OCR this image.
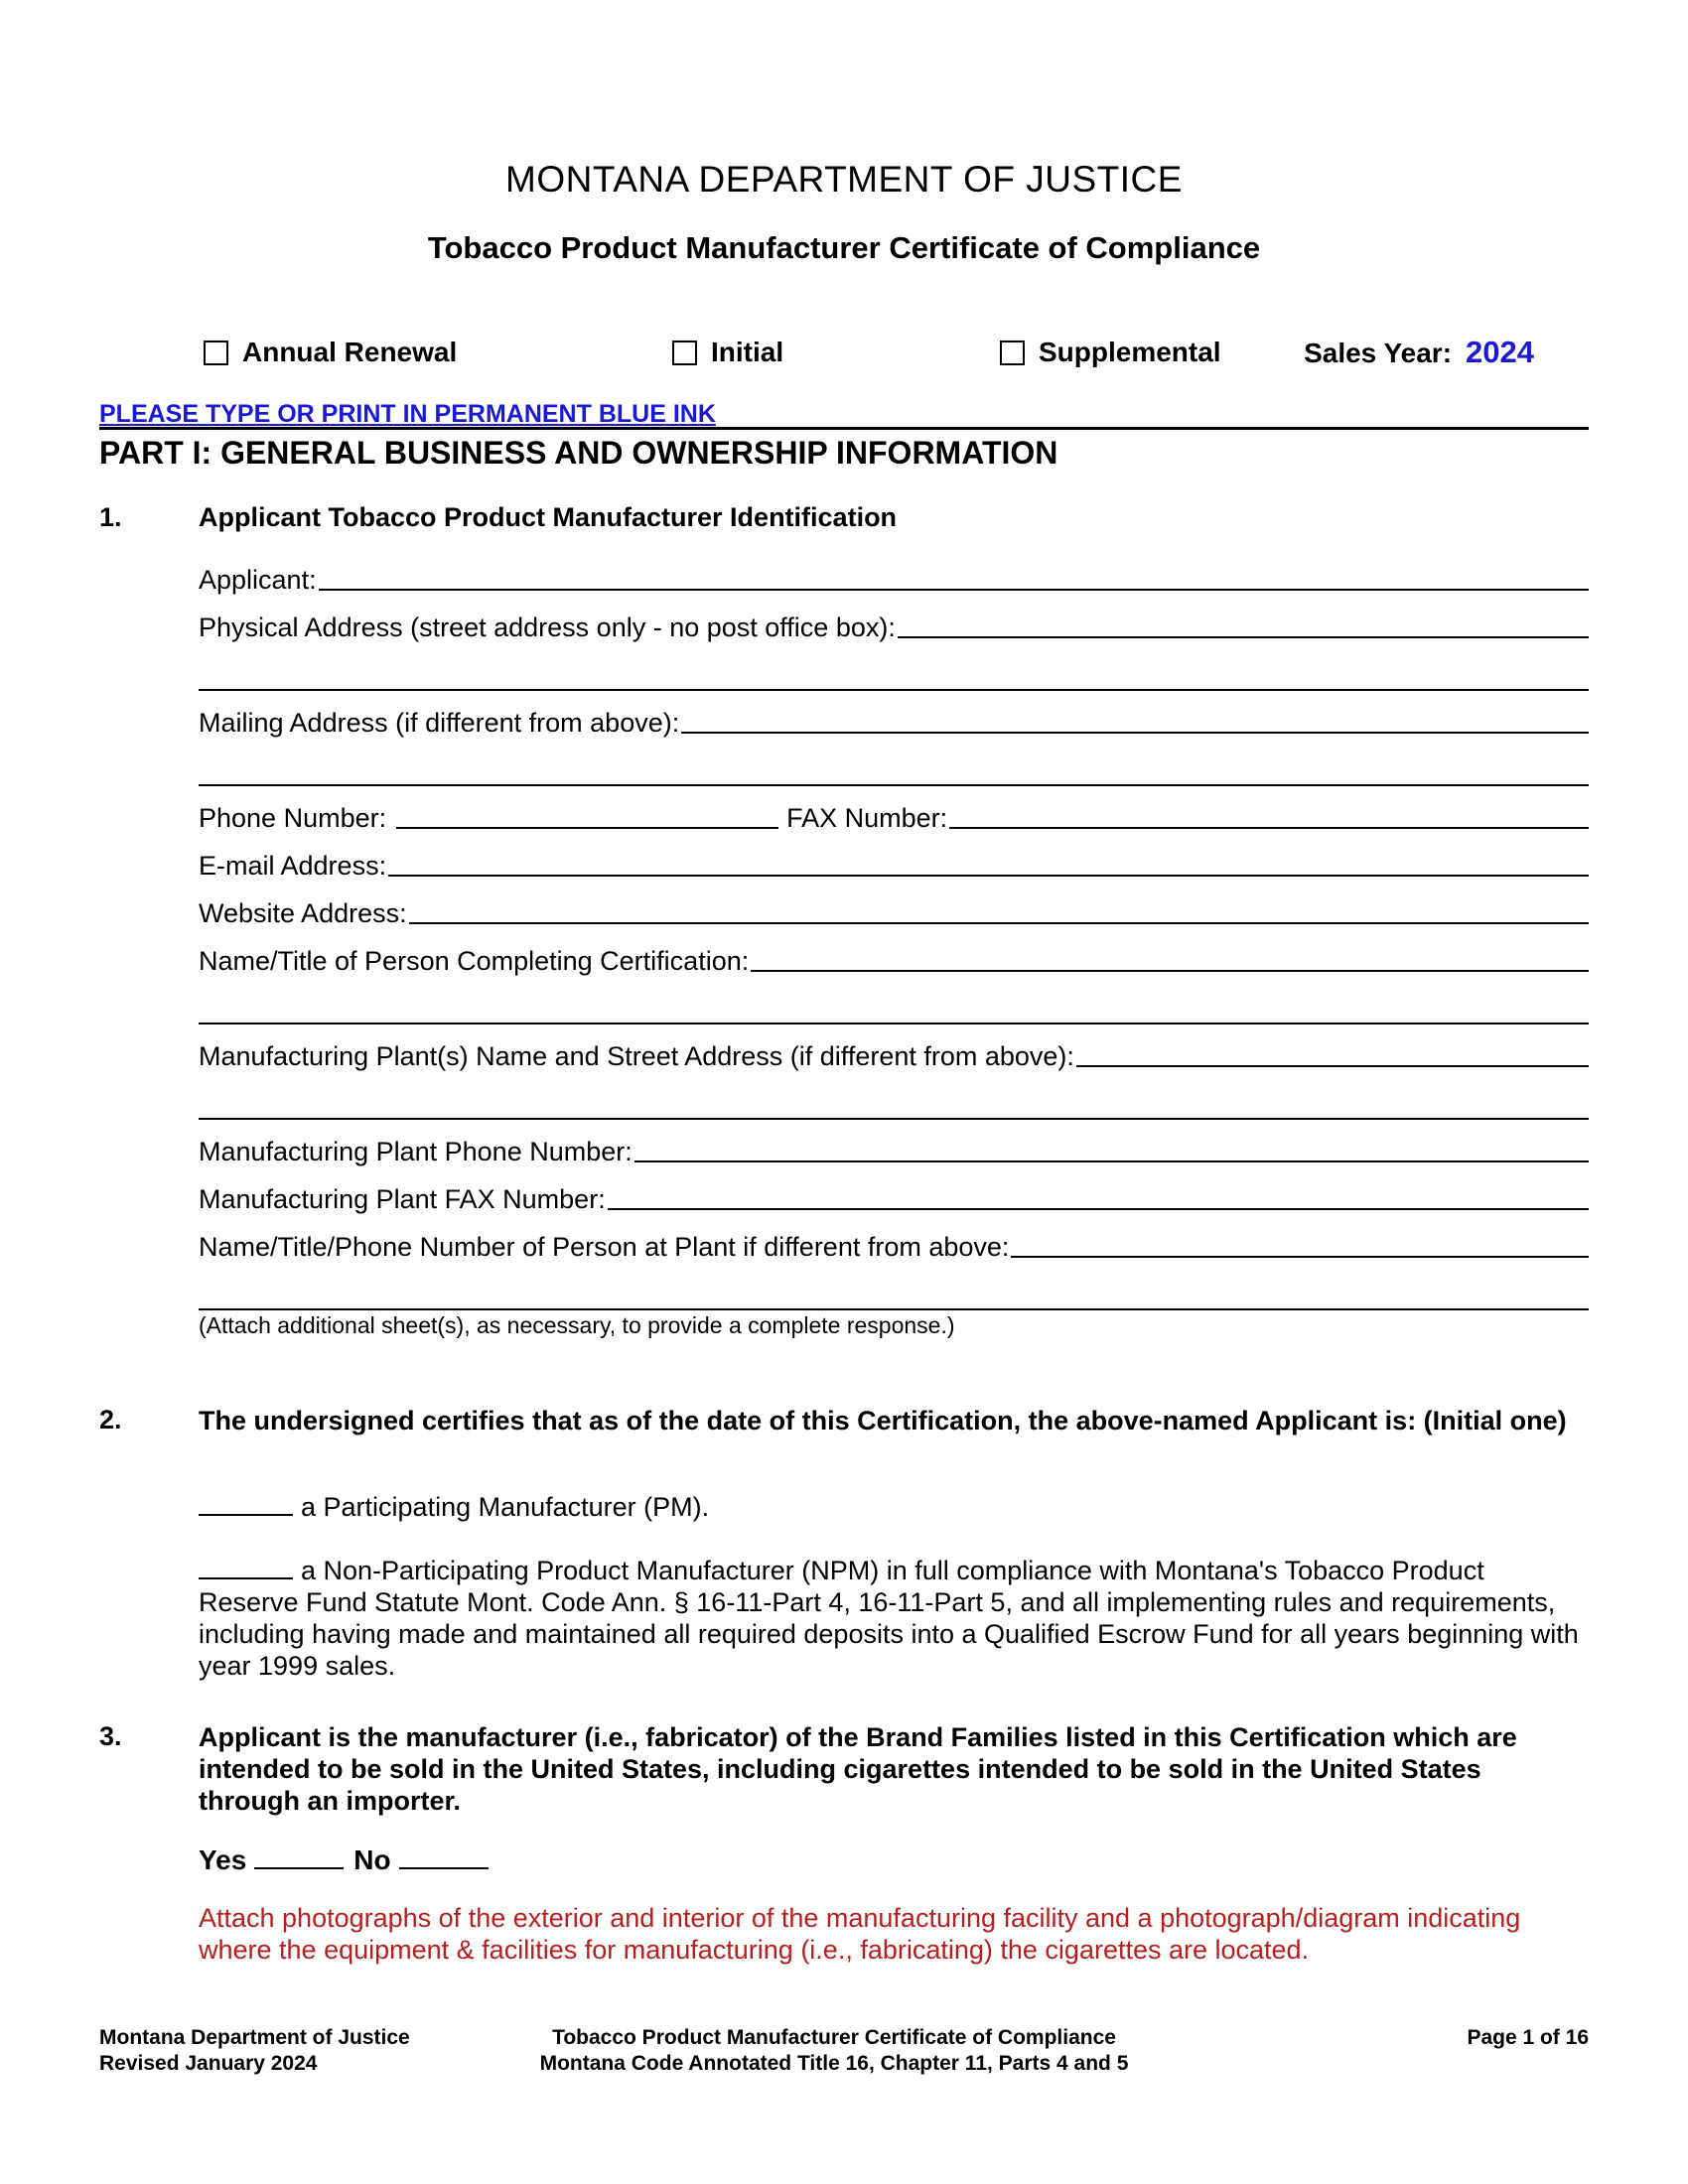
MONTANA DEPARTMENT OF JUSTICE
Tobacco Product Manufacturer Certificate of Compliance
Annual Renewal	Initial	Supplemental	Sales Year: 2024
PLEASE TYPE OR PRINT IN PERMANENT BLUE INK
PART I: GENERAL BUSINESS AND OWNERSHIP INFORMATION
1.	Applicant Tobacco Product Manufacturer Identification
Applicant:
Physical Address (street address only - no post office box):
Mailing Address (if different from above):
Phone Number:	FAX Number:
E-mail Address:
Website Address:
Name/Title of Person Completing Certification:
Manufacturing Plant(s) Name and Street Address (if different from above):
Manufacturing Plant Phone Number:
Manufacturing Plant FAX Number:
Name/Title/Phone Number of Person at Plant if different from above:
(Attach additional sheet(s), as necessary, to provide a complete response.)
2.	The undersigned certifies that as of the date of this Certification, the above-named Applicant is: (Initial one)
a Participating Manufacturer (PM).
a Non-Participating Product Manufacturer (NPM) in full compliance with Montana's Tobacco Product Reserve Fund Statute Mont. Code Ann. § 16-11-Part 4, 16-11-Part 5, and all implementing rules and requirements, including having made and maintained all required deposits into a Qualified Escrow Fund for all years beginning with year 1999 sales.
3.	Applicant is the manufacturer (i.e., fabricator) of the Brand Families listed in this Certification which are intended to be sold in the United States, including cigarettes intended to be sold in the United States through an importer.
Yes	No
Attach photographs of the exterior and interior of the manufacturing facility and a photograph/diagram indicating where the equipment & facilities for manufacturing (i.e., fabricating) the cigarettes are located.
Montana Department of Justice
Revised January 2024
Tobacco Product Manufacturer Certificate of Compliance
Montana Code Annotated Title 16, Chapter 11, Parts 4 and 5
Page 1 of 16
